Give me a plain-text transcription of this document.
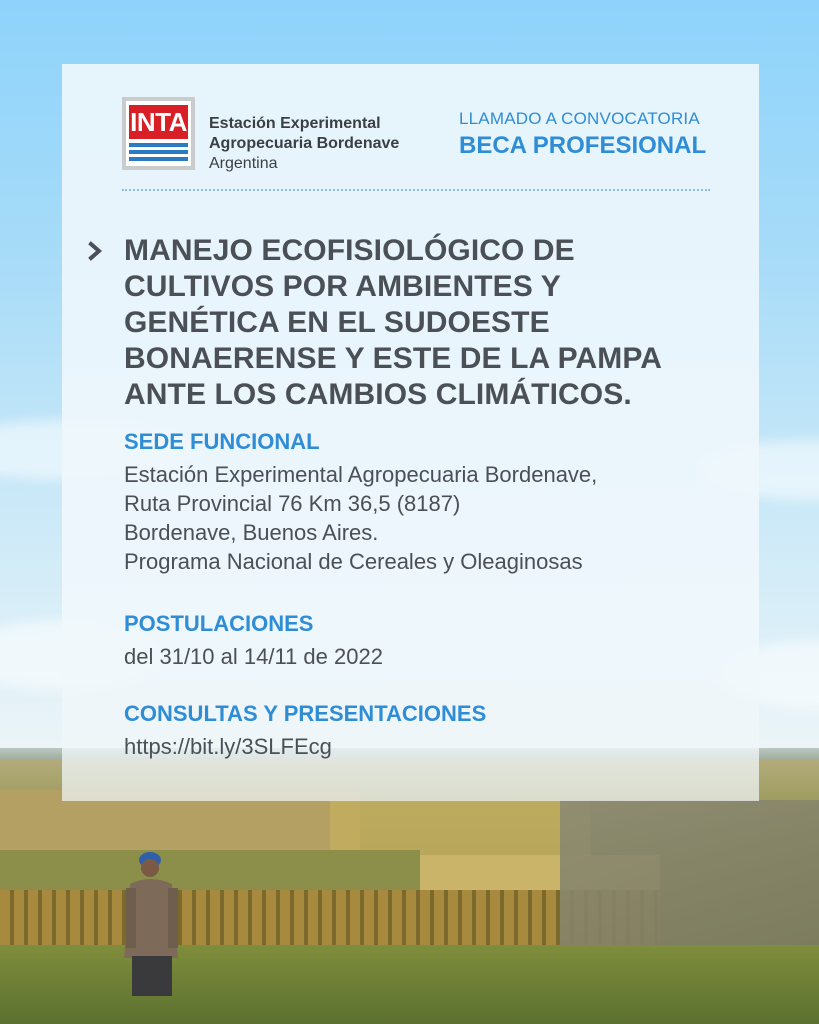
INTA Estación Experimental
Agropecuaria Bordenave
Argentina
LLAMADO A CONVOCATORIA
BECA PROFESIONAL
MANEJO ECOFISIOLÓGICO DE
CULTIVOS POR AMBIENTES Y
GENÉTICA EN EL SUDOESTE
BONAERENSE Y ESTE DE LA PAMPA
ANTE LOS CAMBIOS CLIMÁTICOS.
SEDE FUNCIONAL
Estación Experimental Agropecuaria Bordenave,
Ruta Provincial 76 Km 36,5 (8187)
Bordenave, Buenos Aires.
Programa Nacional de Cereales y Oleaginosas
POSTULACIONES
del 31/10 al 14/11 de 2022
CONSULTAS Y PRESENTACIONES
https://bit.ly/3SLFEcg
